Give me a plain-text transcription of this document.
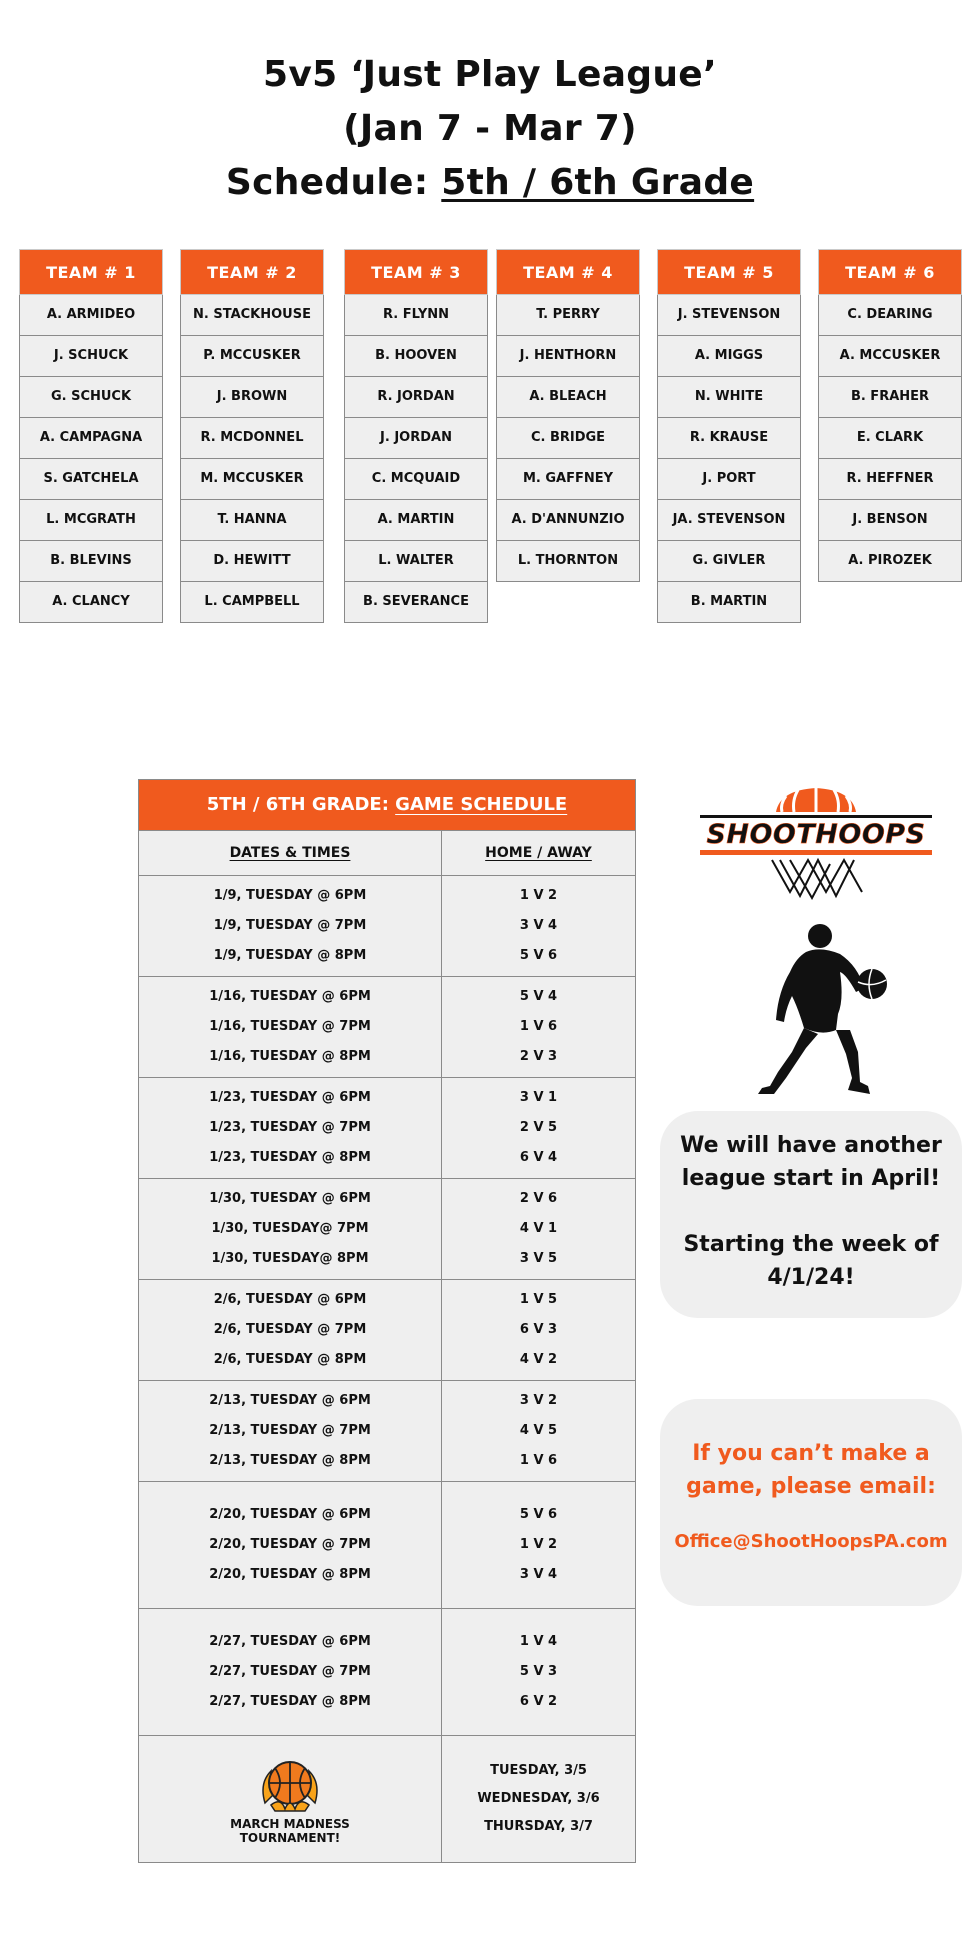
5v5 ‘Just Play League’
(Jan 7 - Mar 7)
Schedule: 5th / 6th Grade
TEAM # 1
A. ARMIDEO
J. SCHUCK
G. SCHUCK
A. CAMPAGNA
S. GATCHELA
L. MCGRATH
B. BLEVINS
A. CLANCY
TEAM # 2
N. STACKHOUSE
P. MCCUSKER
J. BROWN
R. MCDONNEL
M. MCCUSKER
T. HANNA
D. HEWITT
L. CAMPBELL
TEAM # 3
R. FLYNN
B. HOOVEN
R. JORDAN
J. JORDAN
C. MCQUAID
A. MARTIN
L. WALTER
B. SEVERANCE
TEAM # 4
T. PERRY
J. HENTHORN
A. BLEACH
C. BRIDGE
M. GAFFNEY
A. D'ANNUNZIO
L. THORNTON
TEAM # 5
J. STEVENSON
A. MIGGS
N. WHITE
R. KRAUSE
J. PORT
JA. STEVENSON
G. GIVLER
B. MARTIN
TEAM # 6
C. DEARING
A. MCCUSKER
B. FRAHER
E. CLARK
R. HEFFNER
J. BENSON
A. PIROZEK
5TH / 6TH GRADE: GAME SCHEDULE
DATES & TIMES	HOME / AWAY
1/9, TUESDAY @ 6PM
1/9, TUESDAY @ 7PM
1/9, TUESDAY @ 8PM
1 V 2
3 V 4
5 V 6
1/16, TUESDAY @ 6PM
1/16, TUESDAY @ 7PM
1/16, TUESDAY @ 8PM
5 V 4
1 V 6
2 V 3
1/23, TUESDAY @ 6PM
1/23, TUESDAY @ 7PM
1/23, TUESDAY @ 8PM
3 V 1
2 V 5
6 V 4
1/30, TUESDAY @ 6PM
1/30, TUESDAY@ 7PM
1/30, TUESDAY@ 8PM
2 V 6
4 V 1
3 V 5
2/6, TUESDAY @ 6PM
2/6, TUESDAY @ 7PM
2/6, TUESDAY @ 8PM
1 V 5
6 V 3
4 V 2
2/13, TUESDAY @ 6PM
2/13, TUESDAY @ 7PM
2/13, TUESDAY @ 8PM
3 V 2
4 V 5
1 V 6
2/20, TUESDAY @ 6PM
2/20, TUESDAY @ 7PM
2/20, TUESDAY @ 8PM
5 V 6
1 V 2
3 V 4
2/27, TUESDAY @ 6PM
2/27, TUESDAY @ 7PM
2/27, TUESDAY @ 8PM
1 V 4
5 V 3
6 V 2
MARCH MADNESS
TOURNAMENT!
TUESDAY, 3/5
WEDNESDAY, 3/6
THURSDAY, 3/7
SHOOTHOOPS
We will have another
league start in April!
Starting the week of
4/1/24!
If you can’t make a
game, please email:
Office@ShootHoopsPA.com
